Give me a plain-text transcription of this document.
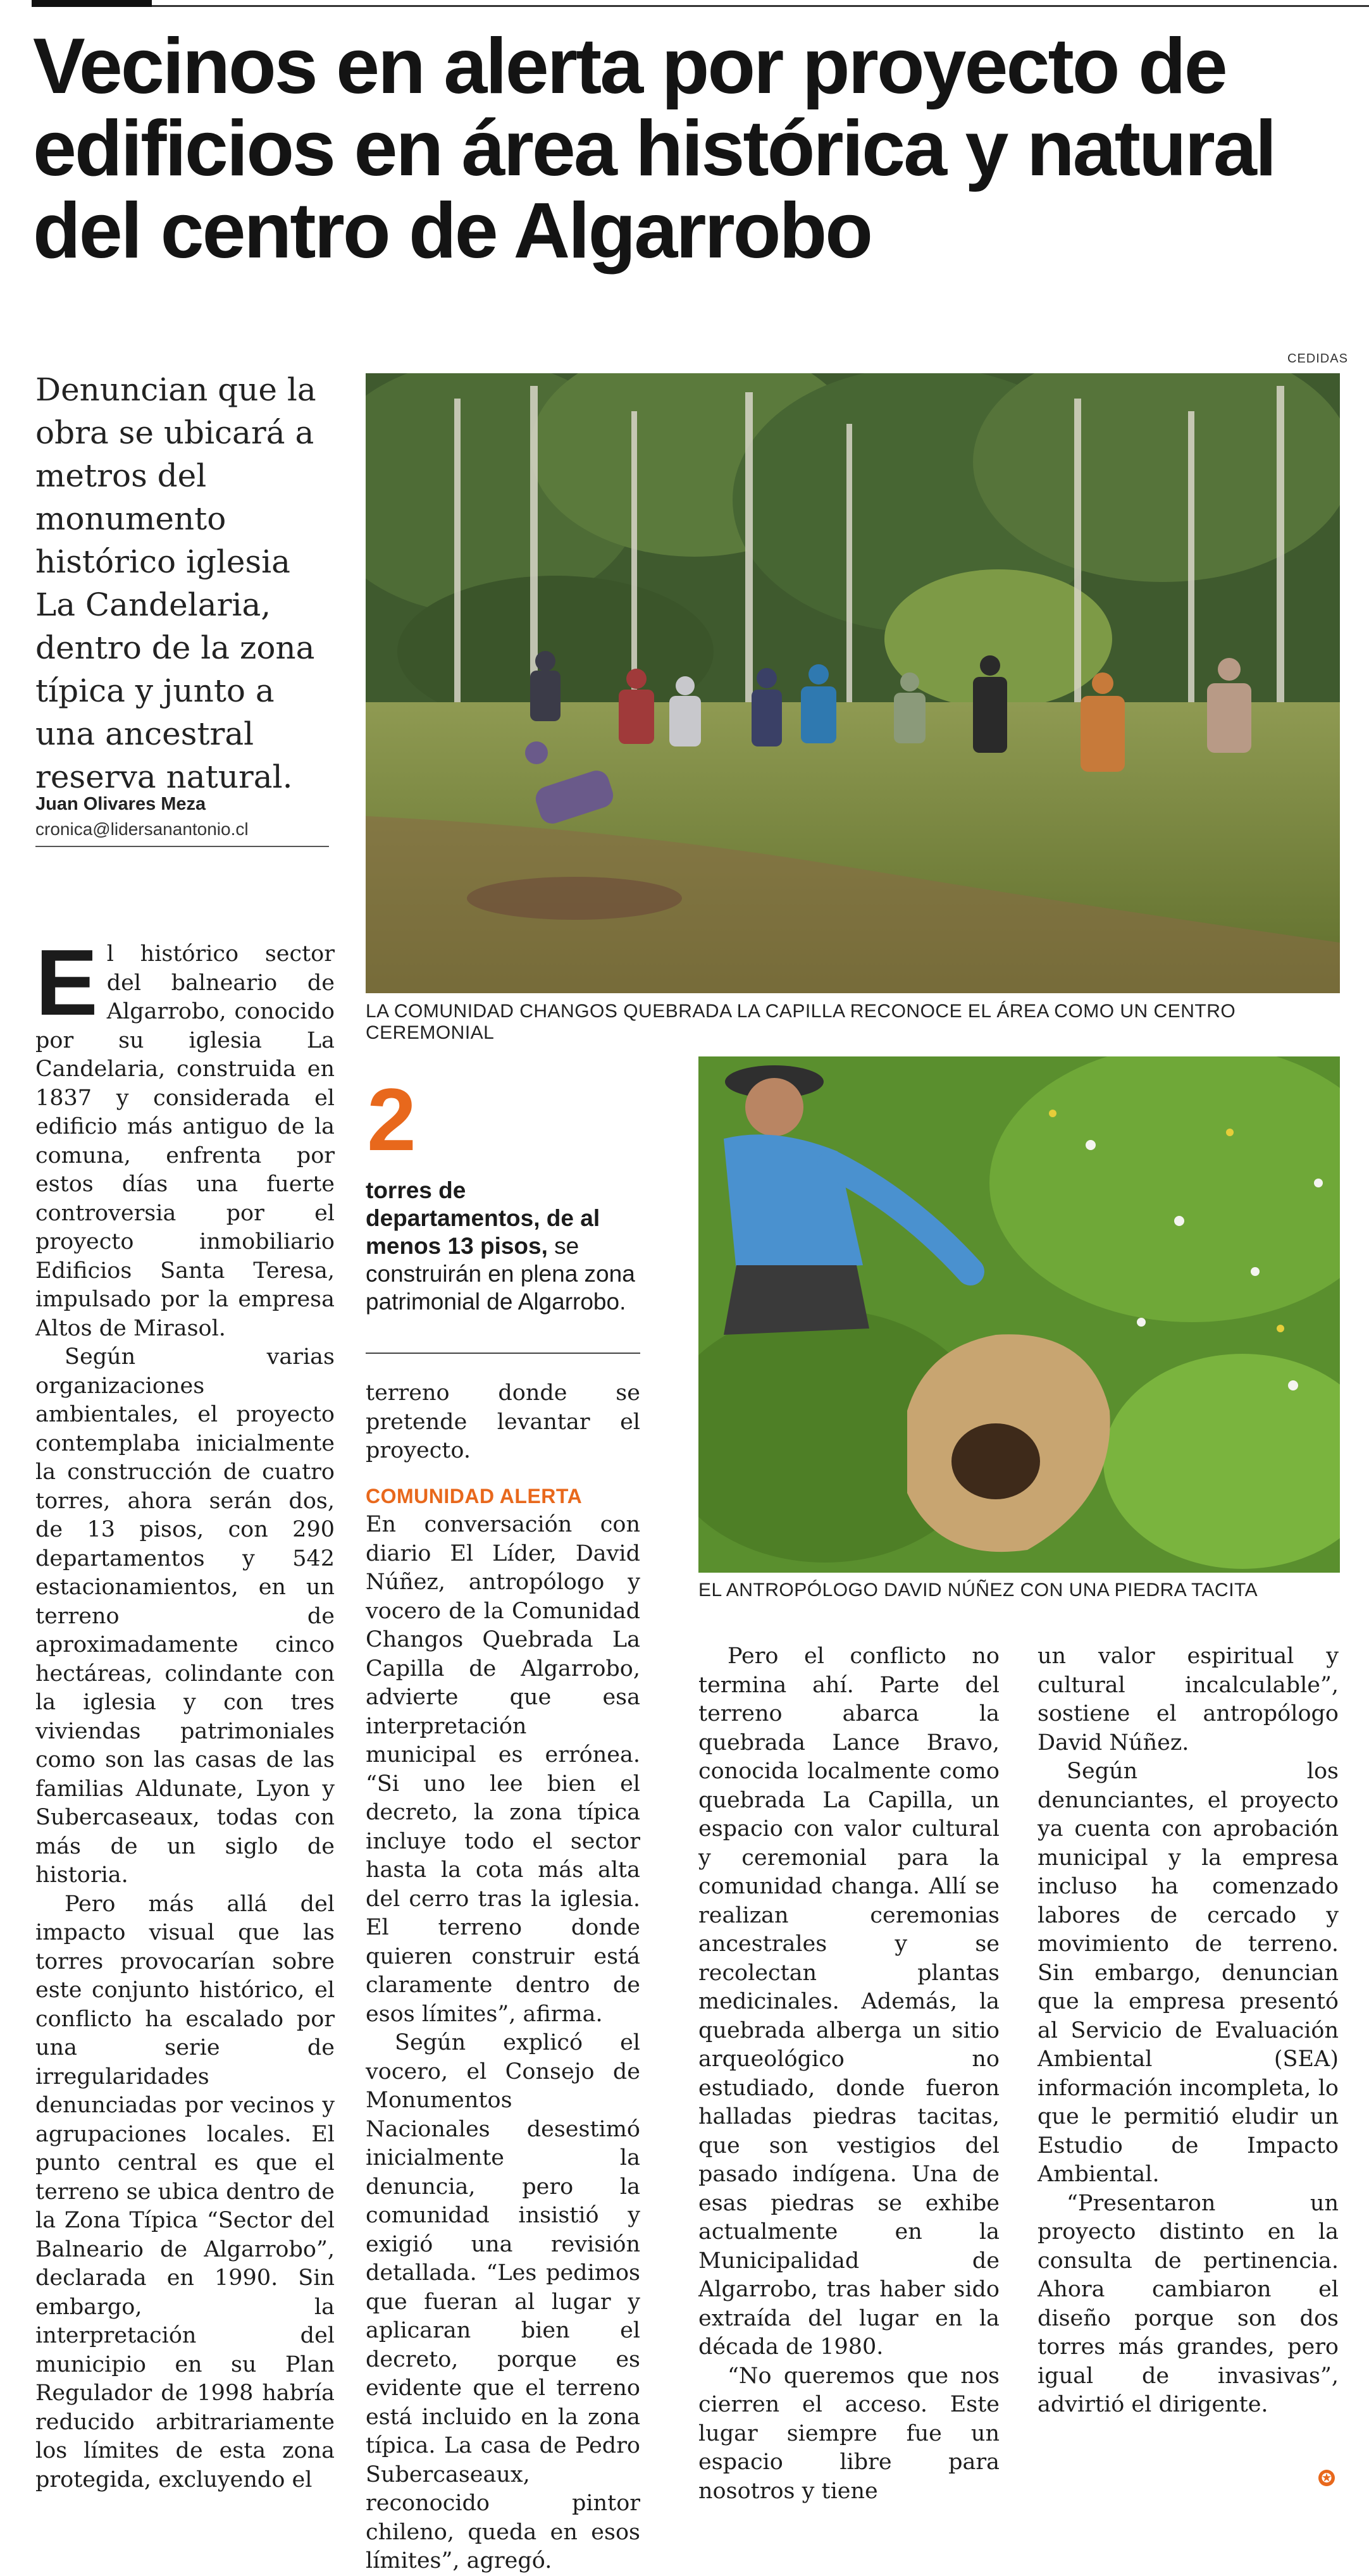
Vecinos en alerta por proyecto de edificios en área histórica y natural del centro de Algarrobo
CEDIDAS
Denuncian que la obra se ubicará a metros del monumento histórico iglesia La Candelaria, dentro de la zona típica y junto a una ancestral reserva natural.
Juan Olivares Meza
cronica@lidersanantonio.cl
LA COMUNIDAD CHANGOS QUEBRADA LA CAPILLA RECONOCE EL ÁREA COMO UN CENTRO CEREMONIAL
EL ANTROPÓLOGO DAVID NÚÑEZ CON UNA PIEDRA TACITA

El histórico sector del balneario de Algarrobo, conocido por su iglesia La Candelaria, construida en 1837 y considerada el edificio más antiguo de la comuna, enfrenta por estos días una fuerte controversia por el proyecto inmobiliario Edificios Santa Teresa, impulsado por la empresa Altos de Mirasol.

Según varias organizaciones ambientales, el proyecto contemplaba inicialmente la construcción de cuatro torres, ahora serán dos, de 13 pisos, con 290 departamentos y 542 estacionamientos, en un terreno de aproximadamente cinco hectáreas, colindante con la iglesia y con tres viviendas patrimoniales como son las casas de las familias Aldunate, Lyon y Subercaseaux, todas con más de un siglo de historia.

Pero más allá del impacto visual que las torres provocarían sobre este conjunto histórico, el conflicto ha escalado por una serie de irregularidades denunciadas por vecinos y agrupaciones locales. El punto central es que el terreno se ubica dentro de la Zona Típica “Sector del Balneario de Algarrobo”, declarada en 1990. Sin embargo, la interpretación del municipio en su Plan Regulador de 1998 habría reducido arbitrariamente los límites de esta zona protegida, excluyendo el

2
torres de departamentos, de al menos 13 pisos, se construirán en plena zona patrimonial de Algarrobo.

terreno donde se pretende levantar el proyecto.

COMUNIDAD ALERTA

En conversación con diario El Líder, David Núñez, antropólogo y vocero de la Comunidad Changos Quebrada La Capilla de Algarrobo, advierte que esa interpretación municipal es errónea. “Si uno lee bien el decreto, la zona típica incluye todo el sector hasta la cota más alta del cerro tras la iglesia. El terreno donde quieren construir está claramente dentro de esos límites”, afirma.

Según explicó el vocero, el Consejo de Monumentos Nacionales desestimó inicialmente la denuncia, pero la comunidad insistió y exigió una revisión detallada. “Les pedimos que fueran al lugar y aplicaran bien el decreto, porque es evidente que el terreno está incluido en la zona típica. La casa de Pedro Subercaseaux, reconocido pintor chileno, queda en esos límites”, agregó.

Pero el conflicto no termina ahí. Parte del terreno abarca la quebrada Lance Bravo, conocida localmente como quebrada La Capilla, un espacio con valor cultural y ceremonial para la comunidad changa. Allí se realizan ceremonias ancestrales y se recolectan plantas medicinales. Además, la quebrada alberga un sitio arqueológico no estudiado, donde fueron halladas piedras tacitas, que son vestigios del pasado indígena. Una de esas piedras se exhibe actualmente en la Municipalidad de Algarrobo, tras haber sido extraída del lugar en la década de 1980.

“No queremos que nos cierren el acceso. Este lugar siempre fue un espacio libre para nosotros y tiene

un valor espiritual y cultural incalculable”, sostiene el antropólogo David Núñez.

Según los denunciantes, el proyecto ya cuenta con aprobación municipal y la empresa incluso ha comenzado labores de cercado y movimiento de terreno. Sin embargo, denuncian que la empresa presentó al Servicio de Evaluación Ambiental (SEA) información incompleta, lo que le permitió eludir un Estudio de Impacto Ambiental.

“Presentaron un proyecto distinto en la consulta de pertinencia. Ahora cambiaron el diseño porque son dos torres más grandes, pero igual de invasivas”, advirtió el dirigente.

✪
